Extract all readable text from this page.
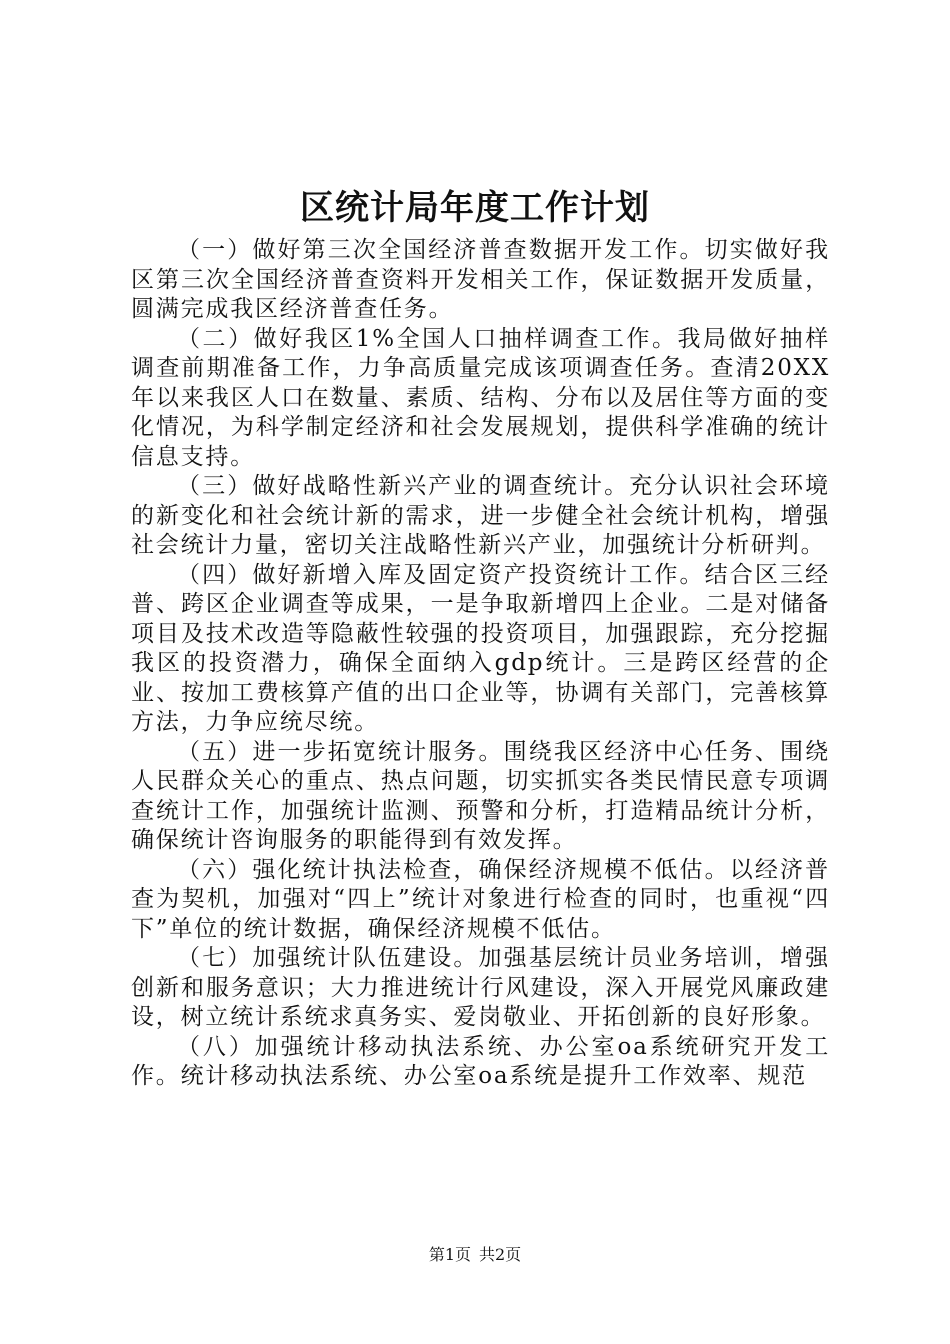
区统计局年度工作计划

（一）做好第三次全国经济普查数据开发工作。切实做好我区第三次全国经济普查资料开发相关工作，保证数据开发质量，圆满完成我区经济普查任务。

（二）做好我区1%全国人口抽样调查工作。我局做好抽样调查前期准备工作，力争高质量完成该项调查任务。查清20XX年以来我区人口在数量、素质、结构、分布以及居住等方面的变化情况，为科学制定经济和社会发展规划，提供科学准确的统计信息支持。

（三）做好战略性新兴产业的调查统计。充分认识社会环境的新变化和社会统计新的需求，进一步健全社会统计机构，增强社会统计力量，密切关注战略性新兴产业，加强统计分析研判。

（四）做好新增入库及固定资产投资统计工作。结合区三经普、跨区企业调查等成果，一是争取新增四上企业。二是对储备项目及技术改造等隐蔽性较强的投资项目，加强跟踪，充分挖掘我区的投资潜力，确保全面纳入gdp统计。三是跨区经营的企业、按加工费核算产值的出口企业等，协调有关部门，完善核算方法，力争应统尽统。

（五）进一步拓宽统计服务。围绕我区经济中心任务、围绕人民群众关心的重点、热点问题，切实抓实各类民情民意专项调查统计工作，加强统计监测、预警和分析，打造精品统计分析，确保统计咨询服务的职能得到有效发挥。

（六）强化统计执法检查，确保经济规模不低估。以经济普查为契机，加强对“四上”统计对象进行检查的同时，也重视“四下”单位的统计数据，确保经济规模不低估。

（七）加强统计队伍建设。加强基层统计员业务培训，增强创新和服务意识；大力推进统计行风建设，深入开展党风廉政建设，树立统计系统求真务实、爱岗敬业、开拓创新的良好形象。

（八）加强统计移动执法系统、办公室oa系统研究开发工作。统计移动执法系统、办公室oa系统是提升工作效率、规范

第1页 共2页
